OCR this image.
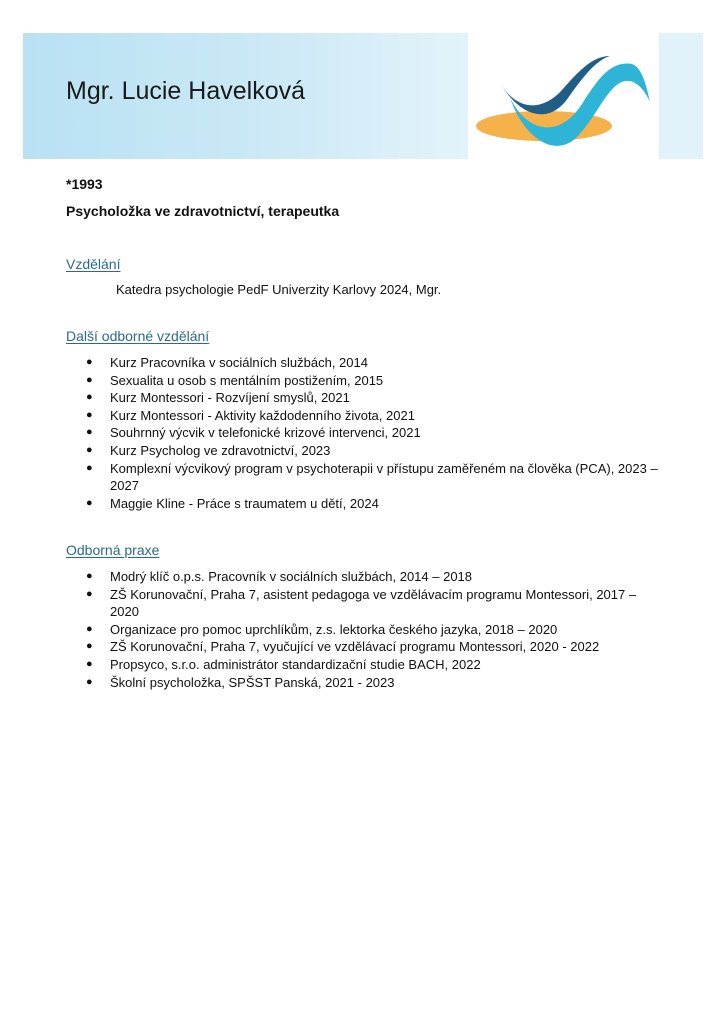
Mgr. Lucie Havelková
*1993
Psycholožka ve zdravotnictví, terapeutka
Vzdělání
Katedra psychologie PedF Univerzity Karlovy 2024, Mgr.
Další odborné vzdělání
● Kurz Pracovníka v sociálních službách, 2014
● Sexualita u osob s mentálním postižením, 2015
● Kurz Montessori - Rozvíjení smyslů, 2021
● Kurz Montessori - Aktivity každodenního života, 2021
● Souhrnný výcvik v telefonické krizové intervenci, 2021
● Kurz Psycholog ve zdravotnictví, 2023
● Komplexní výcvikový program v psychoterapii v přístupu zaměřeném na člověka (PCA), 2023 – 2027
● Maggie Kline - Práce s traumatem u dětí, 2024
Odborná praxe
● Modrý klíč o.p.s. Pracovník v sociálních službách, 2014 – 2018
● ZŠ Korunovační, Praha 7, asistent pedagoga ve vzdělávacím programu Montessori, 2017 – 2020
● Organizace pro pomoc uprchlíkům, z.s. lektorka českého jazyka, 2018 – 2020
● ZŠ Korunovační, Praha 7, vyučující ve vzdělávací programu Montessori, 2020 - 2022
● Propsyco, s.r.o. administrátor standardizační studie BACH, 2022
● Školní psycholožka, SPŠST Panská, 2021 - 2023
